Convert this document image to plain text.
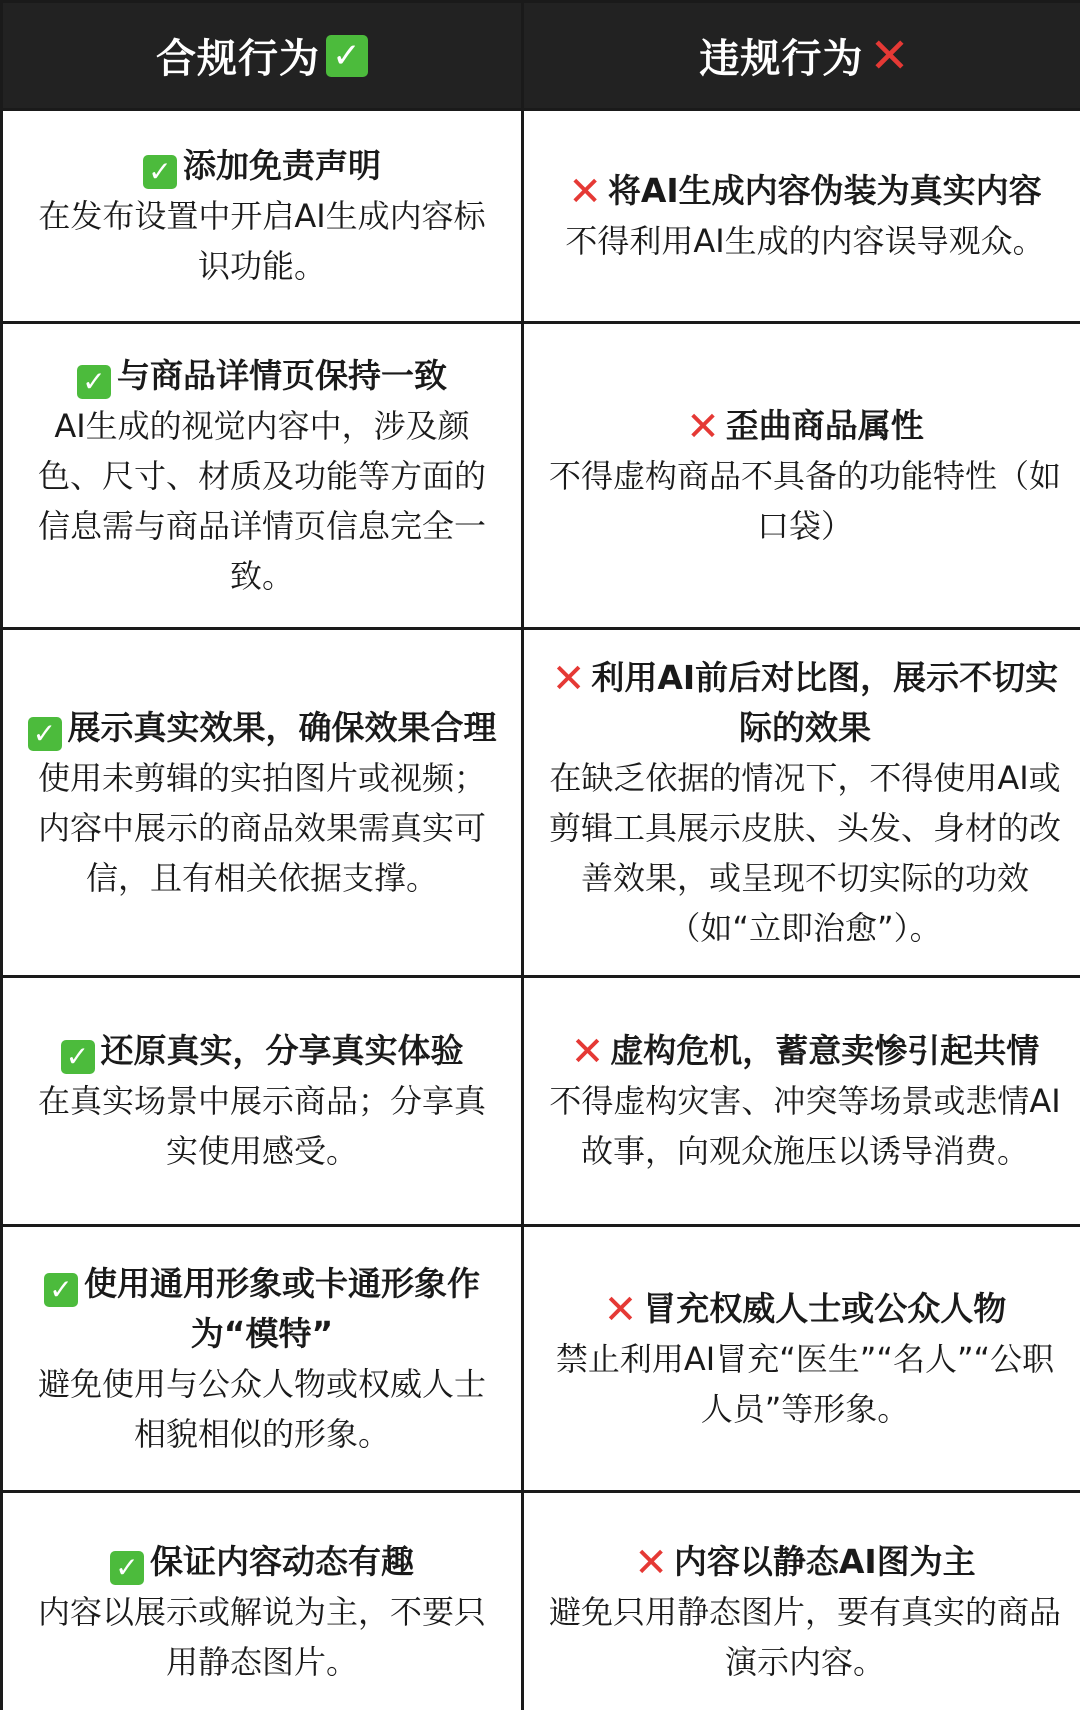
合规行为 ✓	违规行为 ✕
✓ 添加免责声明
在发布设置中开启AI生成内容标识功能。
✕ 将AI生成内容伪装为真实内容
不得利用AI生成的内容误导观众。
✓ 与商品详情页保持一致
AI生成的视觉内容中，涉及颜色、尺寸、材质及功能等方面的信息需与商品详情页信息完全一致。
✕ 歪曲商品属性
不得虚构商品不具备的功能特性（如口袋）
✓ 展示真实效果，确保效果合理
使用未剪辑的实拍图片或视频；内容中展示的商品效果需真实可信，且有相关依据支撑。
✕ 利用AI前后对比图，展示不切实际的效果
在缺乏依据的情况下，不得使用AI或剪辑工具展示皮肤、头发、身材的改善效果，或呈现不切实际的功效（如“立即治愈”）。
✓ 还原真实，分享真实体验
在真实场景中展示商品；分享真实使用感受。
✕ 虚构危机，蓄意卖惨引起共情
不得虚构灾害、冲突等场景或悲情AI故事，向观众施压以诱导消费。
✓ 使用通用形象或卡通形象作为“模特”
避免使用与公众人物或权威人士相貌相似的形象。
✕ 冒充权威人士或公众人物
禁止利用AI冒充“医生”“名人”“公职人员”等形象。
✓ 保证内容动态有趣
内容以展示或解说为主，不要只用静态图片。
✕ 内容以静态AI图为主
避免只用静态图片，要有真实的商品演示内容。
